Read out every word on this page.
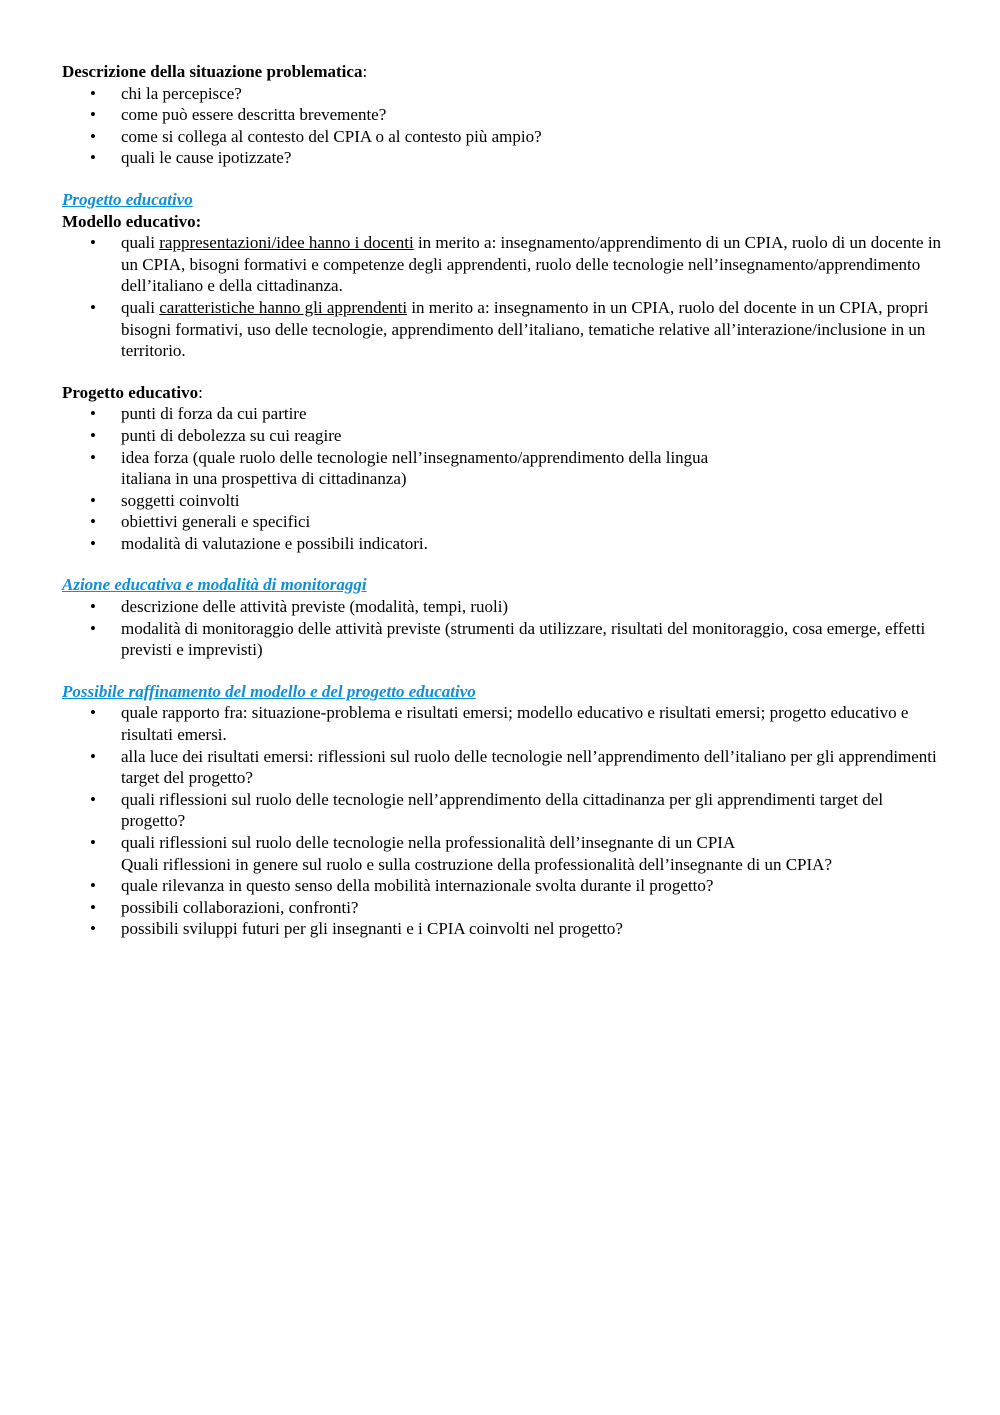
Descrizione della situazione problematica:

• chi la percepisce?
• come può essere descritta brevemente?
• come si collega al contesto del CPIA o al contesto più ampio?
• quali le cause ipotizzate?

Progetto educativo

Modello educativo:

• quali rappresentazioni/idee hanno i docenti in merito a: insegnamento/apprendimento di un CPIA, ruolo di un docente in un CPIA, bisogni formativi e competenze degli apprendenti, ruolo delle tecnologie nell’insegnamento/apprendimento dell’italiano e della cittadinanza.
• quali caratteristiche hanno gli apprendenti in merito a: insegnamento in un CPIA, ruolo del docente in un CPIA, propri bisogni formativi, uso delle tecnologie, apprendimento dell’italiano, tematiche relative all’interazione/inclusione in un territorio.

Progetto educativo:

• punti di forza da cui partire
• punti di debolezza su cui reagire
• idea forza (quale ruolo delle tecnologie nell’insegnamento/apprendimento della lingua
italiana in una prospettiva di cittadinanza)
• soggetti coinvolti
• obiettivi generali e specifici
• modalità di valutazione e possibili indicatori.

Azione educativa e modalità di monitoraggi

• descrizione delle attività previste (modalità, tempi, ruoli)
• modalità di monitoraggio delle attività previste (strumenti da utilizzare, risultati del monitoraggio, cosa emerge, effetti previsti e imprevisti)

Possibile raffinamento del modello e del progetto educativo

• quale rapporto fra: situazione-problema e risultati emersi; modello educativo e risultati emersi; progetto educativo e risultati emersi.
• alla luce dei risultati emersi: riflessioni sul ruolo delle tecnologie nell’apprendimento dell’italiano per gli apprendimenti target del progetto?
• quali riflessioni sul ruolo delle tecnologie nell’apprendimento della cittadinanza per gli apprendimenti target del progetto?
• quali riflessioni sul ruolo delle tecnologie nella professionalità dell’insegnante di un CPIA
Quali riflessioni in genere sul ruolo e sulla costruzione della professionalità dell’insegnante di un CPIA?
• quale rilevanza in questo senso della mobilità internazionale svolta durante il progetto?
• possibili collaborazioni, confronti?
• possibili sviluppi futuri per gli insegnanti e i CPIA coinvolti nel progetto?
